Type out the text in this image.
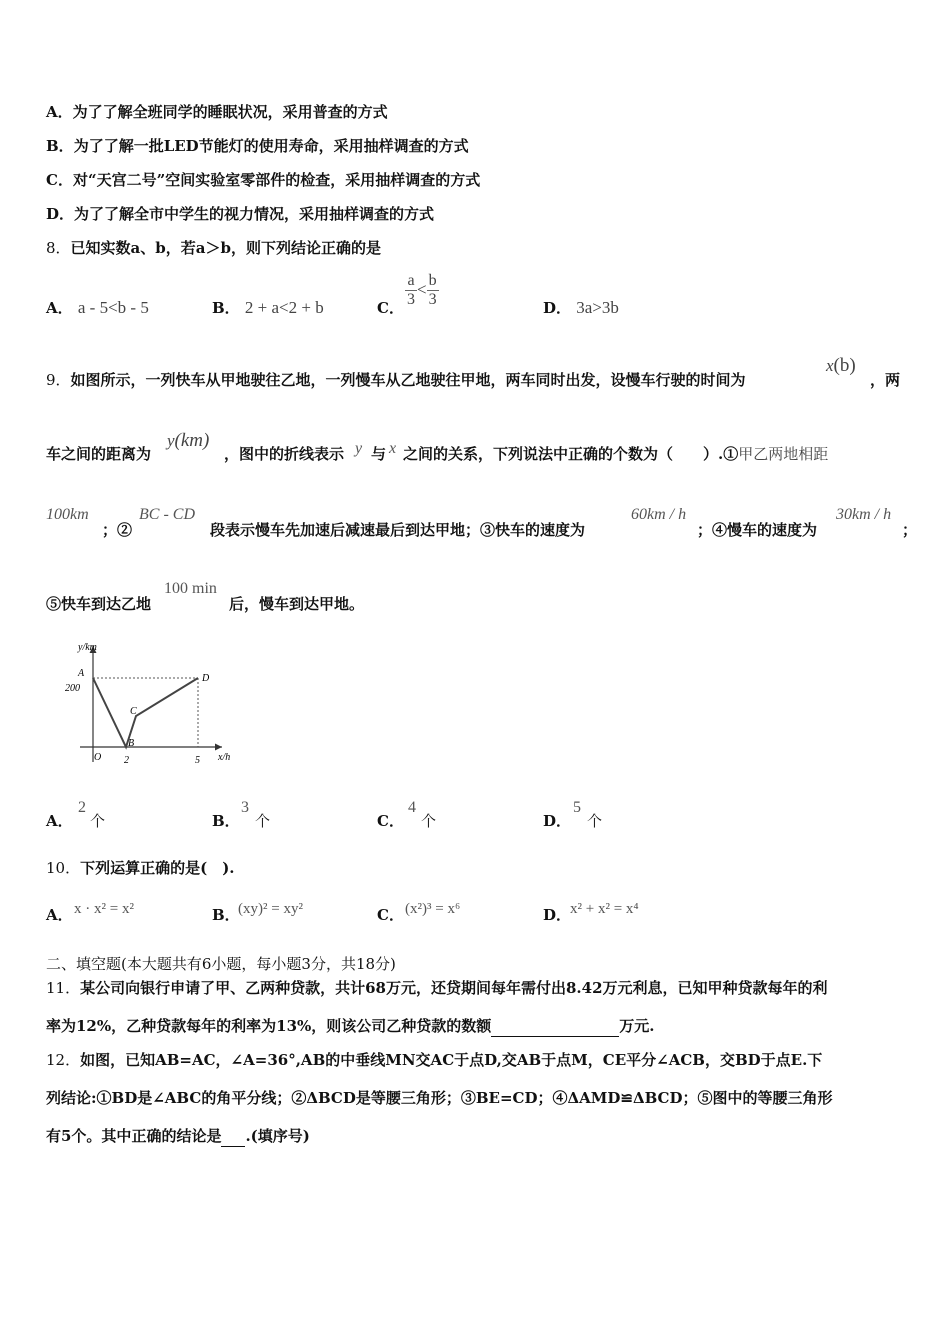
A．为了了解全班同学的睡眠状况，采用普查的方式
B．为了了解一批LED节能灯的使用寿命，采用抽样调查的方式
C．对“天宫二号”空间实验室零部件的检查，采用抽样调查的方式
D．为了了解全市中学生的视力情况，采用抽样调查的方式
8．已知实数a、b，若a＞b，则下列结论正确的是
A． a - 5<b - 5	B． 2 + a<2 + b	C． $\frac{a}{3} < \frac{b}{3}$	D． 3a>3b
9．如图所示，一列快车从甲地驶往乙地，一列慢车从乙地驶往甲地，两车同时出发，设慢车行驶的时间为
x(b)
，两
车之间的距离为
y(km)
，图中的折线表示 y 与 x 之间的关系，下列说法中正确的个数为（　　）.①甲乙两地相距
100km
；②
BC - CD
段表示慢车先加速后减速最后到达甲地；③快车的速度为
60km / h
；④慢车的速度为
30km / h
；
⑤快车到达乙地
100 min
后，慢车到达甲地。
y/km
x/h
O
200
2	5
A
B
C
D
A．
2
个	B．
3
个	C．
4
个	D．
5
个
10．下列运算正确的是(　).
A． x · x² = x²	B．
(xy)² = xy²	C． (x²)³ = x⁶	D．
x² + x² = x⁴
二、填空题(本大题共有6小题，每小题3分，共18分)
11．某公司向银行申请了甲、乙两种贷款，共计68万元，还贷期间每年需付出8.42万元利息，已知甲种贷款每年的利
率为12%，乙种贷款每年的利率为13%，则该公司乙种贷款的数额	万元.
12．如图，已知AB=AC，∠A=36°,AB的中垂线MN交AC于点D,交AB于点M，CE平分∠ACB，交BD于点E.下
列结论:①BD是∠ABC的角平分线；②ΔBCD是等腰三角形；③BE=CD；④ΔAMD≌ΔBCD；⑤图中的等腰三角形
有5个。其中正确的结论是 .(填序号)
